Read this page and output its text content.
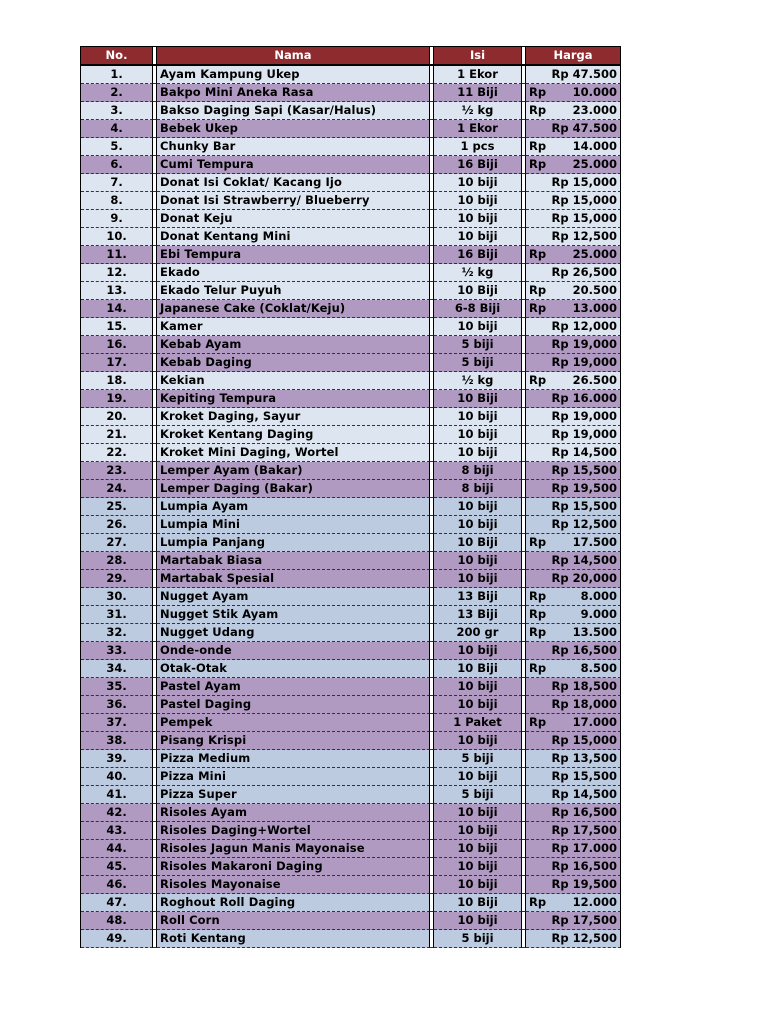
No.		Nama		Isi		Harga
1.		Ayam Kampung Ukep		1 Ekor		Rp 47.500
2.		Bakpo Mini Aneka Rasa		11 Biji		Rp 10.000
3.		Bakso Daging Sapi (Kasar/Halus)		½ kg		Rp 23.000
4.		Bebek Ukep		1 Ekor		Rp 47.500
5.		Chunky Bar		1 pcs		Rp 14.000
6.		Cumi Tempura		16 Biji		Rp 25.000
7.		Donat Isi Coklat/ Kacang Ijo		10 biji		Rp 15,000
8.		Donat Isi Strawberry/ Blueberry		10 biji		Rp 15,000
9.		Donat Keju		10 biji		Rp 15,000
10.		Donat Kentang Mini		10 biji		Rp 12,500
11.		Ebi Tempura		16 Biji		Rp 25.000
12.		Ekado		½ kg		Rp 26,500
13.		Ekado Telur Puyuh		10 Biji		Rp 20.500
14.		Japanese Cake (Coklat/Keju)		6-8 Biji		Rp 13.000
15.		Kamer		10 biji		Rp 12,000
16.		Kebab Ayam		5 biji		Rp 19,000
17.		Kebab Daging		5 biji		Rp 19,000
18.		Kekian		½ kg		Rp 26.500
19.		Kepiting Tempura		10 Biji		Rp 16.000
20.		Kroket Daging, Sayur		10 biji		Rp 19,000
21.		Kroket Kentang Daging		10 biji		Rp 19,000
22.		Kroket Mini Daging, Wortel		10 biji		Rp 14,500
23.		Lemper Ayam (Bakar)		8 biji		Rp 15,500
24.		Lemper Daging (Bakar)		8 biji		Rp 19,500
25.		Lumpia Ayam		10 biji		Rp 15,500
26.		Lumpia Mini		10 biji		Rp 12,500
27.		Lumpia Panjang		10 Biji		Rp 17.500
28.		Martabak Biasa		10 biji		Rp 14,500
29.		Martabak Spesial		10 biji		Rp 20,000
30.		Nugget Ayam		13 Biji		Rp 8.000
31.		Nugget Stik Ayam		13 Biji		Rp 9.000
32.		Nugget Udang		200 gr		Rp 13.500
33.		Onde-onde		10 biji		Rp 16,500
34.		Otak-Otak		10 Biji		Rp 8.500
35.		Pastel Ayam		10 biji		Rp 18,500
36.		Pastel Daging		10 biji		Rp 18,000
37.		Pempek		1 Paket		Rp 17.000
38.		Pisang Krispi		10 biji		Rp 15,000
39.		Pizza Medium		5 biji		Rp 13,500
40.		Pizza Mini		10 biji		Rp 15,500
41.		Pizza Super		5 biji		Rp 14,500
42.		Risoles Ayam		10 biji		Rp 16,500
43.		Risoles Daging+Wortel		10 biji		Rp 17,500
44.		Risoles Jagun Manis Mayonaise		10 biji		Rp 17.000
45.		Risoles Makaroni Daging		10 biji		Rp 16,500
46.		Risoles Mayonaise		10 biji		Rp 19,500
47.		Roghout Roll Daging		10 Biji		Rp 12.000
48.		Roll Corn		10 biji		Rp 17,500
49.		Roti Kentang		5 biji		Rp 12,500
